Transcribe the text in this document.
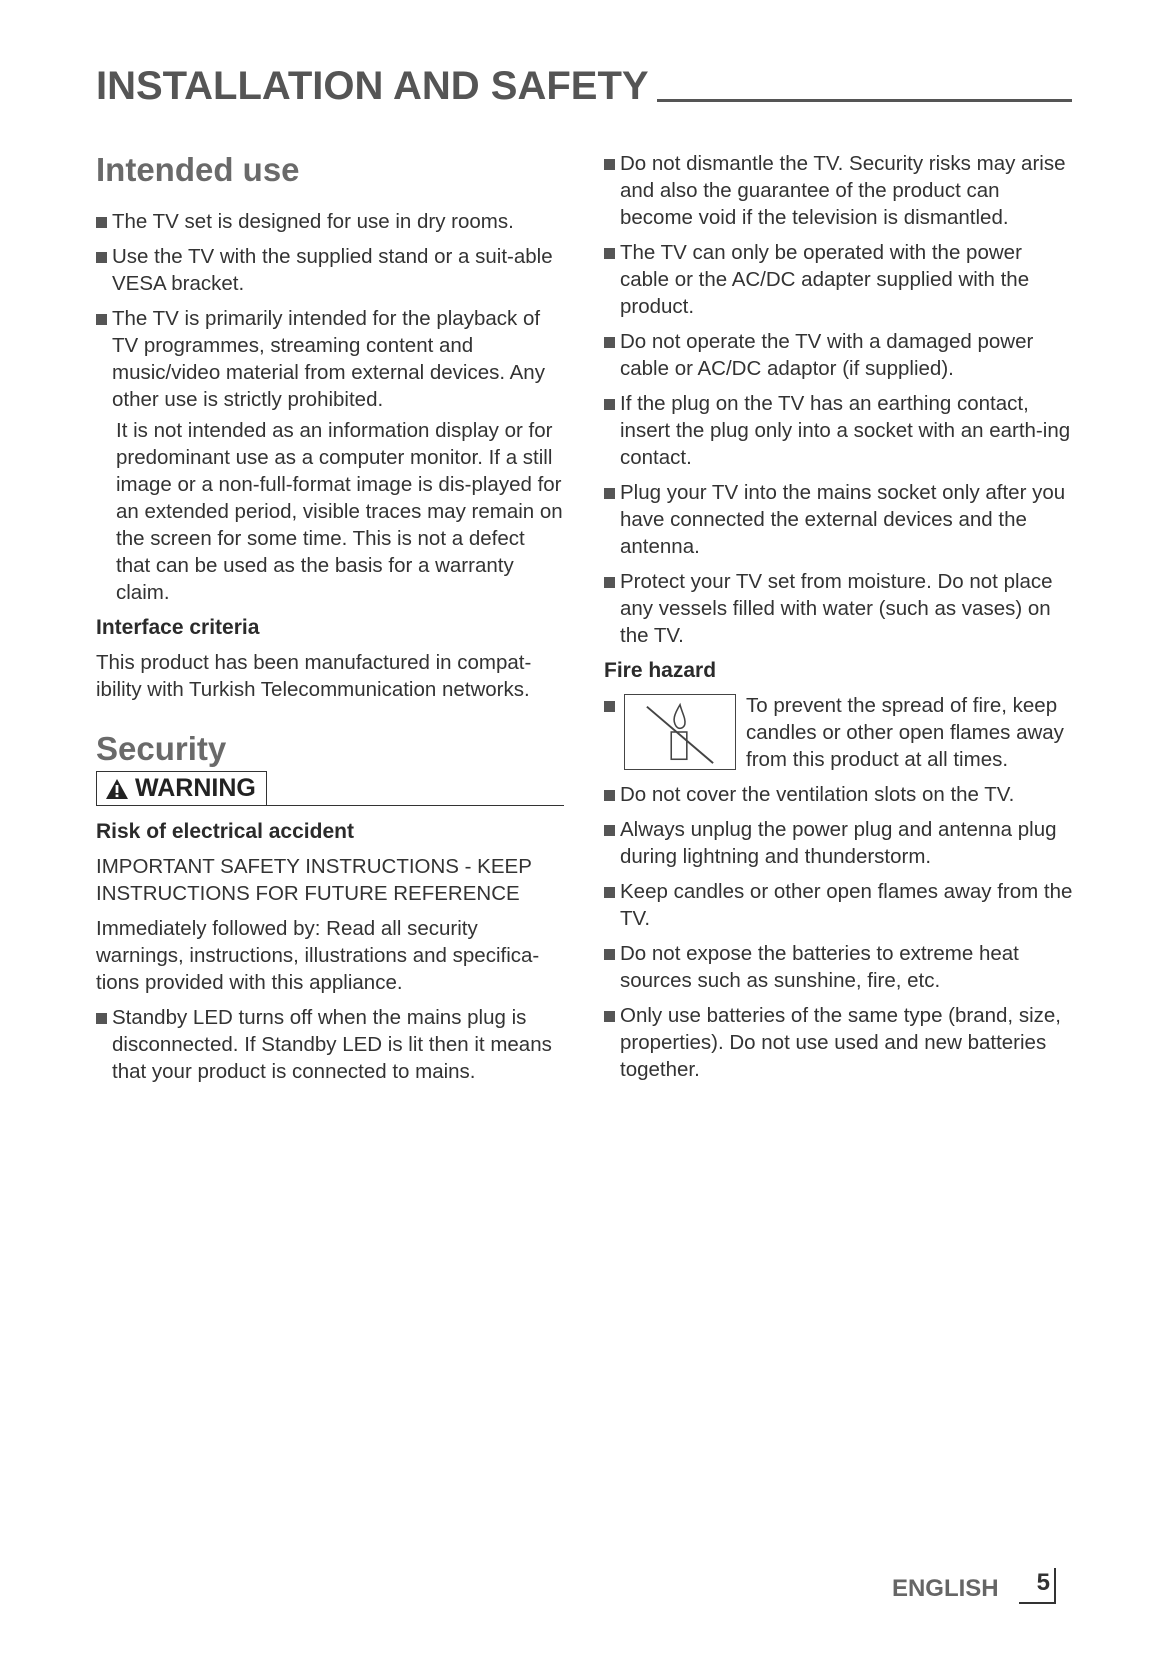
INSTALLATION AND SAFETY
Intended use
The TV set is designed for use in dry rooms.
Use the TV with the supplied stand or a suit-able VESA bracket.
The TV is primarily intended for the playback of TV programmes, streaming content and music/video material from external devices. Any other use is strictly prohibited.

It is not intended as an information display or for predominant use as a computer monitor. If a still image or a non-full-format image is dis-played for an extended period, visible traces may remain on the screen for some time. This is not a defect that can be used as the basis for a warranty claim.

Interface criteria

This product has been manufactured in compat-ibility with Turkish Telecommunication networks.

Security
WARNING
Risk of electrical accident

IMPORTANT SAFETY INSTRUCTIONS - KEEP INSTRUCTIONS FOR FUTURE REFERENCE

Immediately followed by: Read all security warnings, instructions, illustrations and specifica-tions provided with this appliance.

Standby LED turns off when the mains plug is disconnected. If Standby LED is lit then it means that your product is connected to mains.
Do not dismantle the TV. Security risks may arise and also the guarantee of the product can become void if the television is dismantled.
The TV can only be operated with the power cable or the AC/DC adapter supplied with the product.
Do not operate the TV with a damaged power cable or AC/DC adaptor (if supplied).
If the plug on the TV has an earthing contact, insert the plug only into a socket with an earth-ing contact.
Plug your TV into the mains socket only after you have connected the external devices and the antenna.
Protect your TV set from moisture. Do not place any vessels filled with water (such as vases) on the TV.
Fire hazard
To prevent the spread of fire, keep candles or other open flames away from this product at all times.
Do not cover the ventilation slots on the TV.
Always unplug the power plug and antenna plug during lightning and thunderstorm.
Keep candles or other open flames away from the TV.
Do not expose the batteries to extreme heat sources such as sunshine, fire, etc.
Only use batteries of the same type (brand, size, properties). Do not use used and new batteries together.
ENGLISH	5
